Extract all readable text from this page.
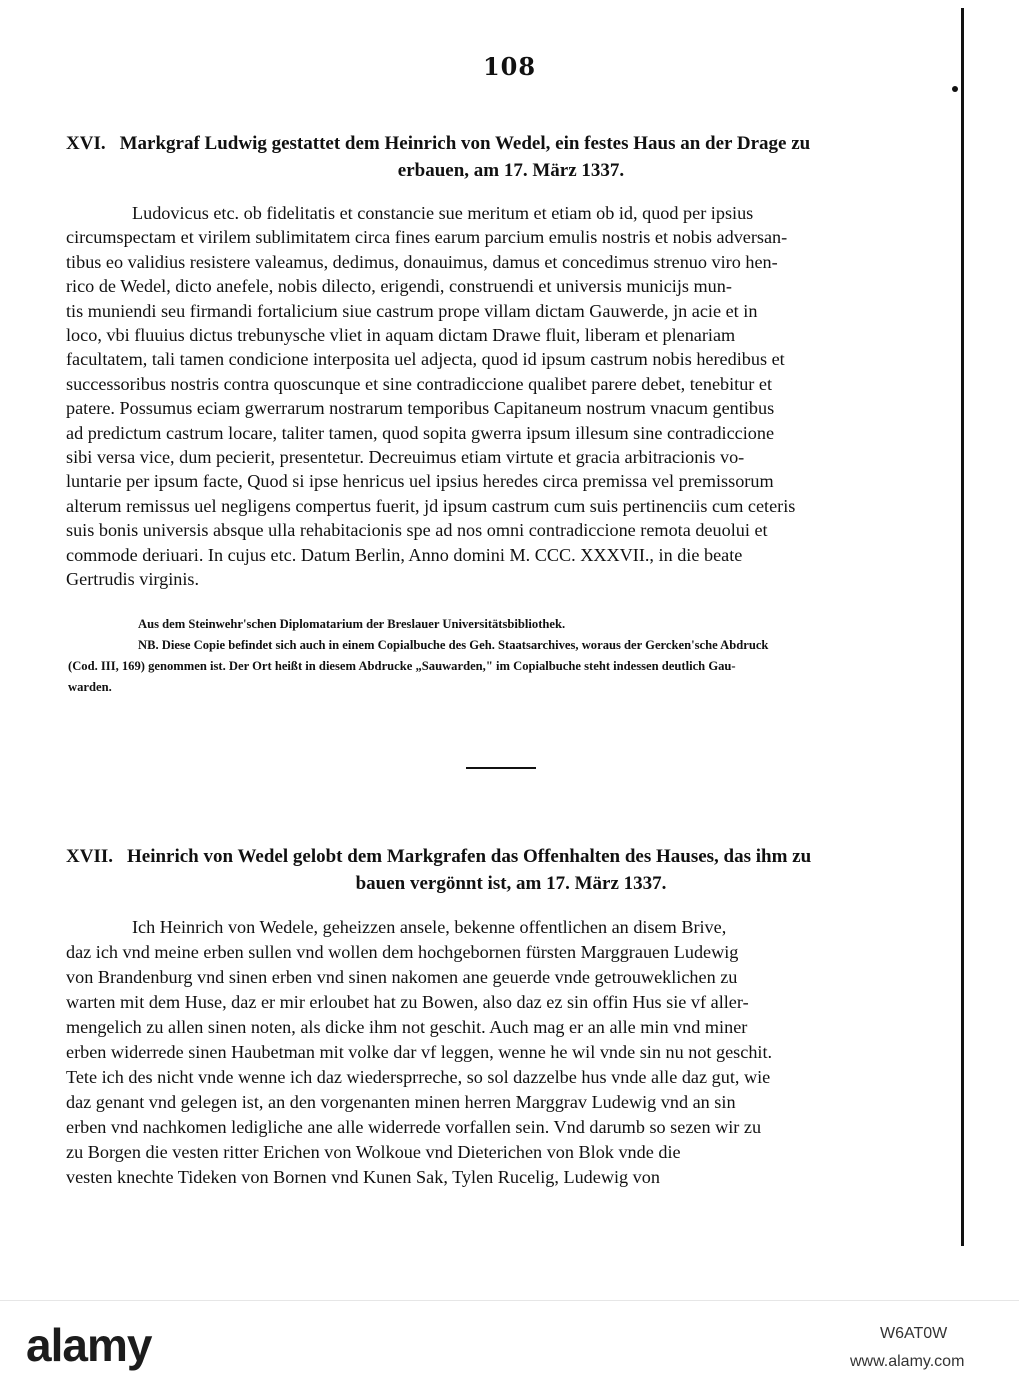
108
XVI. Markgraf Ludwig gestattet dem Heinrich von Wedel, ein festes Haus an der Drage zu
erbauen, am 17. März 1337.
Ludovicus etc. ob fidelitatis et constancie sue meritum et etiam ob id, quod per ipsius
circumspectam et virilem sublimitatem circa fines earum parcium emulis nostris et nobis adversan-
tibus eo validius resistere valeamus, dedimus, donauimus, damus et concedimus strenuo viro hen-
rico de Wedel, dicto anefele, nobis dilecto, erigendi, construendi et universis municijs mun-
tis muniendi seu firmandi fortalicium siue castrum prope villam dictam Gauwerde, jn acie et in
loco, vbi fluuius dictus trebunysche vliet in aquam dictam Drawe fluit, liberam et plenariam
facultatem, tali tamen condicione interposita uel adjecta, quod id ipsum castrum nobis heredibus et
successoribus nostris contra quoscunque et sine contradiccione qualibet parere debet, tenebitur et
patere. Possumus eciam gwerrarum nostrarum temporibus Capitaneum nostrum vnacum gentibus
ad predictum castrum locare, taliter tamen, quod sopita gwerra ipsum illesum sine contradiccione
sibi versa vice, dum pecierit, presentetur. Decreuimus etiam virtute et gracia arbitracionis vo-
luntarie per ipsum facte, Quod si ipse henricus uel ipsius heredes circa premissa vel premissorum
alterum remissus uel negligens compertus fuerit, jd ipsum castrum cum suis pertinenciis cum ceteris
suis bonis universis absque ulla rehabitacionis spe ad nos omni contradiccione remota deuolui et
commode deriuari. In cujus etc. Datum Berlin, Anno domini M. CCC. XXXVII., in die beate
Gertrudis virginis.
Aus dem Steinwehr'schen Diplomatarium der Breslauer Universitätsbibliothek.
NB. Diese Copie befindet sich auch in einem Copialbuche des Geh. Staatsarchives, woraus der Gercken'sche Abdruck
(Cod. III, 169) genommen ist. Der Ort heißt in diesem Abdrucke „Sauwarden," im Copialbuche steht indessen deutlich Gau-
warden.
XVII. Heinrich von Wedel gelobt dem Markgrafen das Offenhalten des Hauses, das ihm zu
bauen vergönnt ist, am 17. März 1337.
Ich Heinrich von Wedele, geheizzen ansele, bekenne offentlichen an disem Brive,
daz ich vnd meine erben sullen vnd wollen dem hochgebornen fürsten Marggrauen Ludewig
von Brandenburg vnd sinen erben vnd sinen nakomen ane geuerde vnde getrouweklichen zu
warten mit dem Huse, daz er mir erloubet hat zu Bowen, also daz ez sin offin Hus sie vf aller-
mengelich zu allen sinen noten, als dicke ihm not geschit. Auch mag er an alle min vnd miner
erben widerrede sinen Haubetman mit volke dar vf leggen, wenne he wil vnde sin nu not geschit.
Tete ich des nicht vnde wenne ich daz wiedersprreche, so sol dazzelbe hus vnde alle daz gut, wie
daz genant vnd gelegen ist, an den vorgenanten minen herren Marggrav Ludewig vnd an sin
erben vnd nachkomen ledigliche ane alle widerrede vorfallen sein. Vnd darumb so sezen wir zu
zu Borgen die vesten ritter Erichen von Wolkoue vnd Dieterichen von Blok vnde die
vesten knechte Tideken von Bornen vnd Kunen Sak, Tylen Rucelig, Ludewig von
alamy	W6AT0W
www.alamy.com
